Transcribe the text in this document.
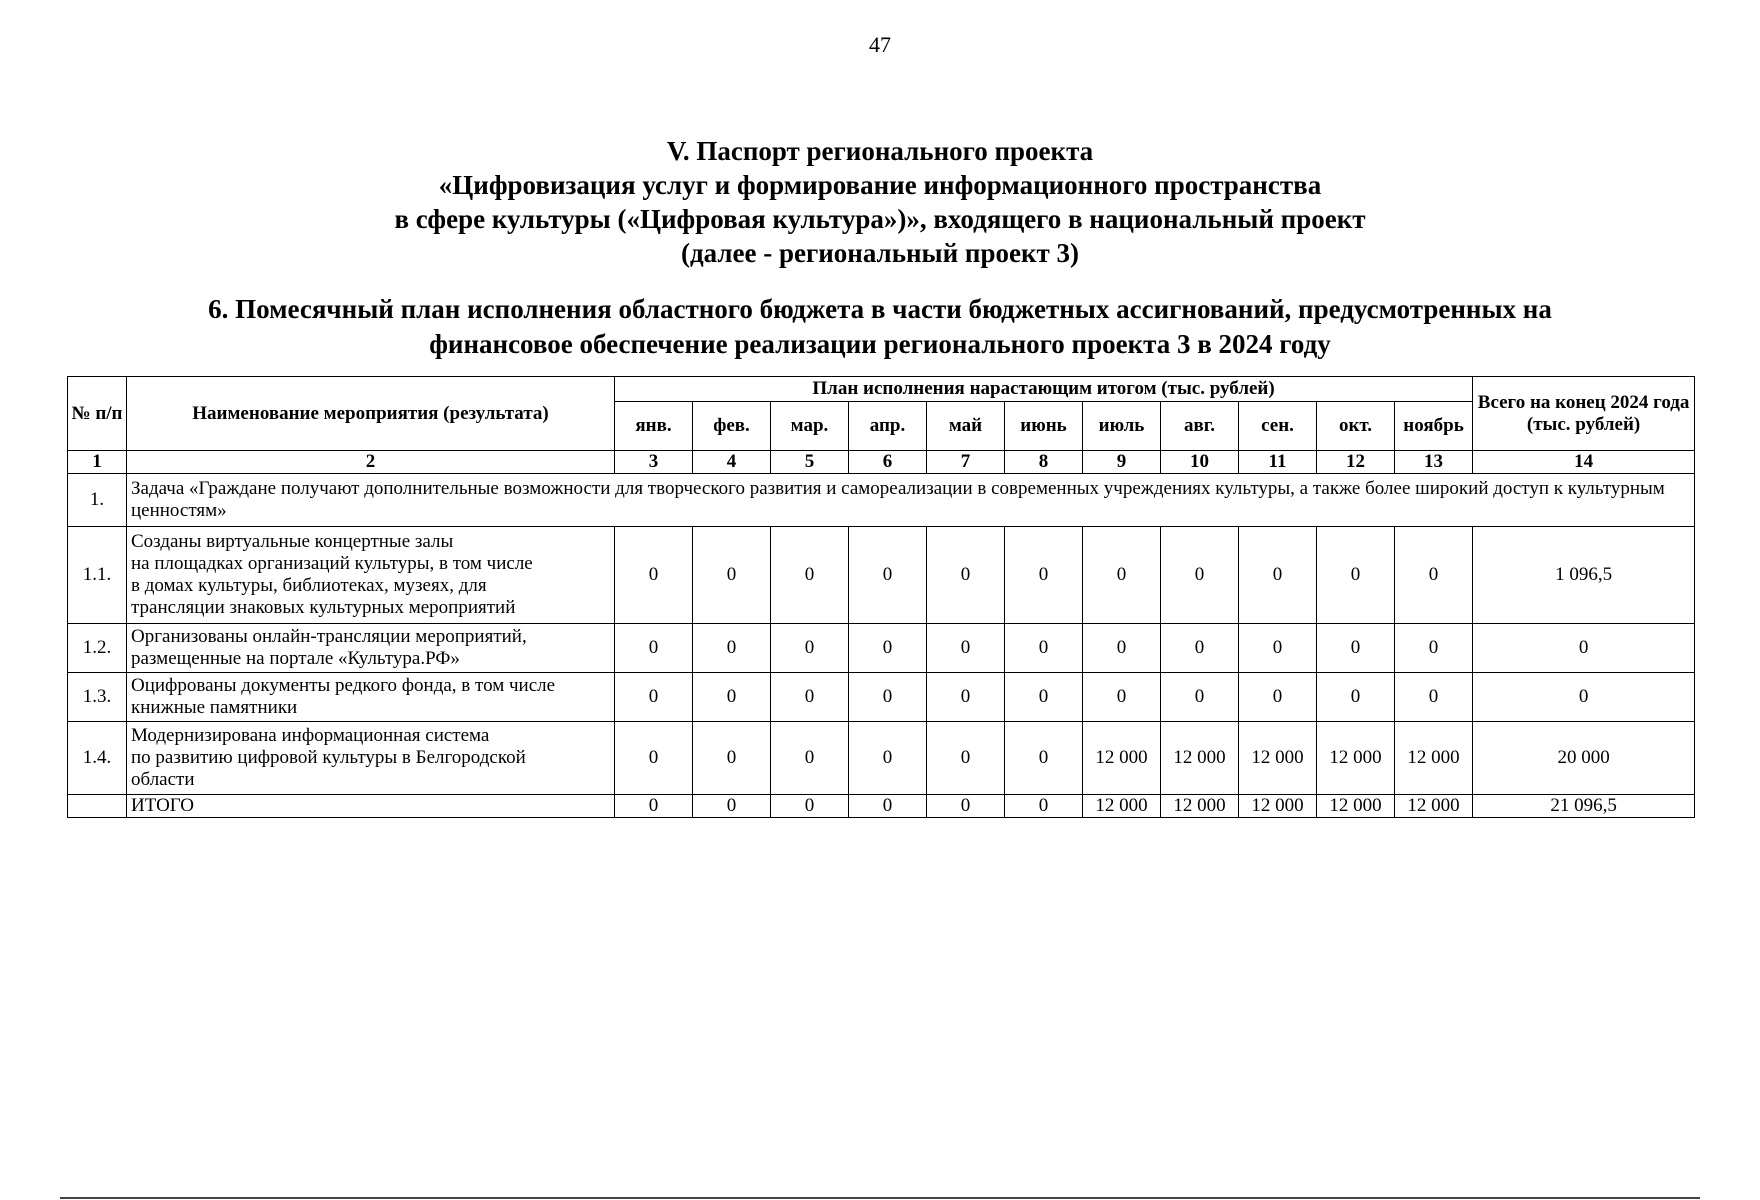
47
V. Паспорт регионального проекта
«Цифровизация услуг и формирование информационного пространства
в сфере культуры («Цифровая культура»)», входящего в национальный проект
(далее - региональный проект 3)
6. Помесячный план исполнения областного бюджета в части бюджетных ассигнований, предусмотренных на
финансовое обеспечение реализации регионального проекта 3 в 2024 году
№ п/п	Наименование мероприятия (результата)	План исполнения нарастающим итогом (тыс. рублей)											Всего на конец 2024 года (тыс. рублей)
		янв.	фев.	мар.	апр.	май	июнь	июль	авг.	сен.	окт.	ноябрь	
1	2	3	4	5	6	7	8	9	10	11	12	13	14
1.	Задача «Граждане получают дополнительные возможности для творческого развития и самореализации в современных учреждениях культуры, а также более широкий доступ к культурным ценностям»												
1.1.	Созданы виртуальные концертные залы
на площадках организаций культуры, в том числе
в домах культуры, библиотеках, музеях, для
трансляции знаковых культурных мероприятий	0	0	0	0	0	0	0	0	0	0	0	1 096,5
1.2.	Организованы онлайн-трансляции мероприятий,
размещенные на портале «Культура.РФ»	0	0	0	0	0	0	0	0	0	0	0	0
1.3.	Оцифрованы документы редкого фонда, в том числе
книжные памятники	0	0	0	0	0	0	0	0	0	0	0	0
1.4.	Модернизирована информационная система
по развитию цифровой культуры в Белгородской
области	0	0	0	0	0	0	12 000	12 000	12 000	12 000	12 000	20 000
	ИТОГО	0	0	0	0	0	0	12 000	12 000	12 000	12 000	12 000	21 096,5
